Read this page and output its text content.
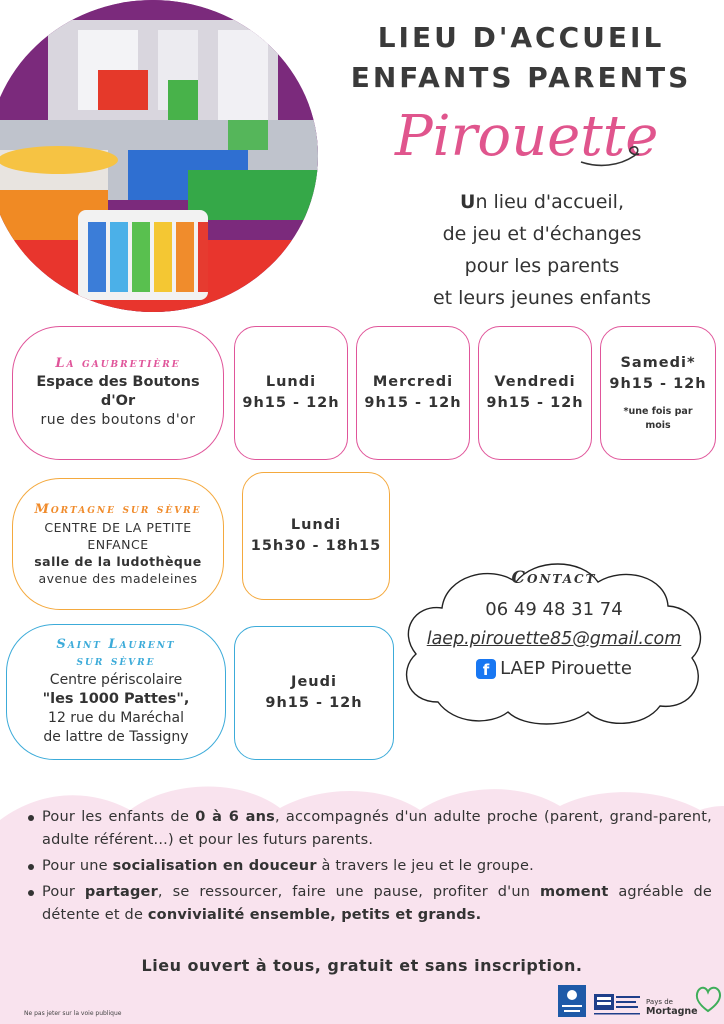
LIEU D'ACCUEIL
ENFANTS PARENTS
Pirouette
Un lieu d'accueil,
de jeu et d'échanges
pour les parents
et leurs jeunes enfants
La gaubretière
Espace des Boutons
d'Or
rue des boutons d'or
Lundi
9h15 - 12h
Mercredi
9h15 - 12h
Vendredi
9h15 - 12h
Samedi*
9h15 - 12h
*une fois par
mois
Mortagne sur sèvre
CENTRE DE LA PETITE
ENFANCE
salle de la ludothèque
avenue des madeleines
Lundi
15h30 - 18h15
Saint Laurent
sur sèvre
Centre périscolaire
"les 1000 Pattes",
12 rue du Maréchal
de lattre de Tassigny
Jeudi
9h15 - 12h
Contact
06 49 48 31 74
laep.pirouette85@gmail.com
f LAEP Pirouette
Pour les enfants de 0 à 6 ans, accompagnés d'un adulte proche (parent, grand-parent, adulte référent...) et pour les futurs parents.
Pour une socialisation en douceur à travers le jeu et le groupe.
Pour partager, se ressourcer, faire une pause, profiter d'un moment agréable de détente et de convivialité ensemble, petits et grands.
Lieu ouvert à tous, gratuit et sans inscription.
Ne pas jeter sur la voie publique
Pays de
Mortagne
